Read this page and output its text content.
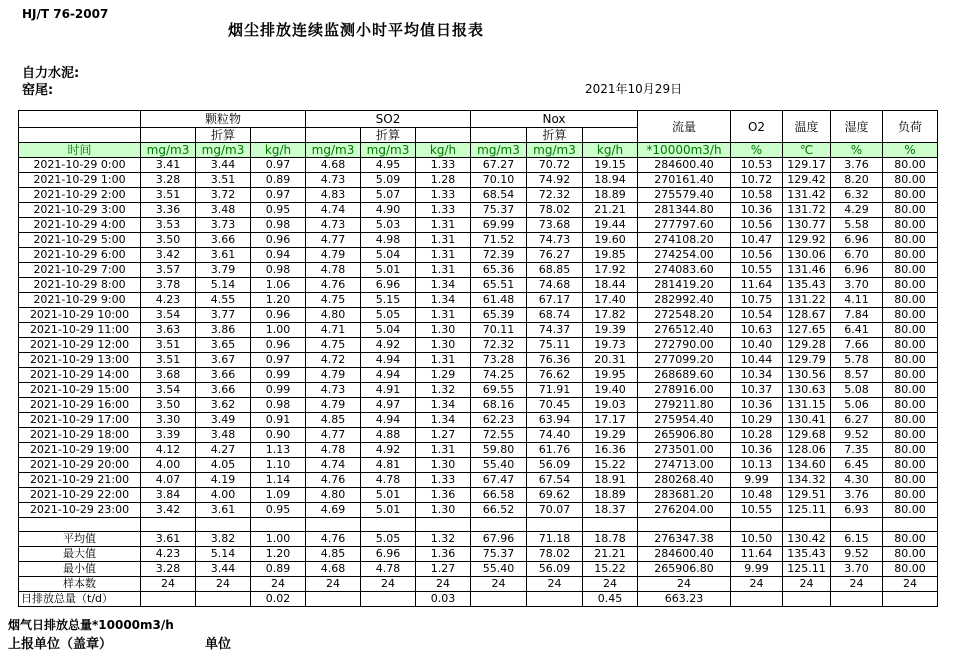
HJ/T 76-2007
烟尘排放连续监测小时平均值日报表
自力水泥:
窑尾:	2021年10月29日
	颗粒物			SO2			Nox			流量	O2	温度	湿度	负荷
		折算			折算			折算						
时间	mg/m3	mg/m3	kg/h	mg/m3	mg/m3	kg/h	mg/m3	mg/m3	kg/h	*10000m3/h	%	℃	%	%
2021-10-29 0:00	3.41	3.44	0.97	4.68	4.95	1.33	67.27	70.72	19.15	284600.40	10.53	129.17	3.76	80.00
2021-10-29 1:00	3.28	3.51	0.89	4.73	5.09	1.28	70.10	74.92	18.94	270161.40	10.72	129.42	8.20	80.00
2021-10-29 2:00	3.51	3.72	0.97	4.83	5.07	1.33	68.54	72.32	18.89	275579.40	10.58	131.42	6.32	80.00
2021-10-29 3:00	3.36	3.48	0.95	4.74	4.90	1.33	75.37	78.02	21.21	281344.80	10.36	131.72	4.29	80.00
2021-10-29 4:00	3.53	3.73	0.98	4.73	5.03	1.31	69.99	73.68	19.44	277797.60	10.56	130.77	5.58	80.00
2021-10-29 5:00	3.50	3.66	0.96	4.77	4.98	1.31	71.52	74.73	19.60	274108.20	10.47	129.92	6.96	80.00
2021-10-29 6:00	3.42	3.61	0.94	4.79	5.04	1.31	72.39	76.27	19.85	274254.00	10.56	130.06	6.70	80.00
2021-10-29 7:00	3.57	3.79	0.98	4.78	5.01	1.31	65.36	68.85	17.92	274083.60	10.55	131.46	6.96	80.00
2021-10-29 8:00	3.78	5.14	1.06	4.76	6.96	1.34	65.51	74.68	18.44	281419.20	11.64	135.43	3.70	80.00
2021-10-29 9:00	4.23	4.55	1.20	4.75	5.15	1.34	61.48	67.17	17.40	282992.40	10.75	131.22	4.11	80.00
2021-10-29 10:00	3.54	3.77	0.96	4.80	5.05	1.31	65.39	68.74	17.82	272548.20	10.54	128.67	7.84	80.00
2021-10-29 11:00	3.63	3.86	1.00	4.71	5.04	1.30	70.11	74.37	19.39	276512.40	10.63	127.65	6.41	80.00
2021-10-29 12:00	3.51	3.65	0.96	4.75	4.92	1.30	72.32	75.11	19.73	272790.00	10.40	129.28	7.66	80.00
2021-10-29 13:00	3.51	3.67	0.97	4.72	4.94	1.31	73.28	76.36	20.31	277099.20	10.44	129.79	5.78	80.00
2021-10-29 14:00	3.68	3.66	0.99	4.79	4.94	1.29	74.25	76.62	19.95	268689.60	10.34	130.56	8.57	80.00
2021-10-29 15:00	3.54	3.66	0.99	4.73	4.91	1.32	69.55	71.91	19.40	278916.00	10.37	130.63	5.08	80.00
2021-10-29 16:00	3.50	3.62	0.98	4.79	4.97	1.34	68.16	70.45	19.03	279211.80	10.36	131.15	5.06	80.00
2021-10-29 17:00	3.30	3.49	0.91	4.85	4.94	1.34	62.23	63.94	17.17	275954.40	10.29	130.41	6.27	80.00
2021-10-29 18:00	3.39	3.48	0.90	4.77	4.88	1.27	72.55	74.40	19.29	265906.80	10.28	129.68	9.52	80.00
2021-10-29 19:00	4.12	4.27	1.13	4.78	4.92	1.31	59.80	61.76	16.36	273501.00	10.36	128.06	7.35	80.00
2021-10-29 20:00	4.00	4.05	1.10	4.74	4.81	1.30	55.40	56.09	15.22	274713.00	10.13	134.60	6.45	80.00
2021-10-29 21:00	4.07	4.19	1.14	4.76	4.78	1.33	67.47	67.54	18.91	280268.40	9.99	134.32	4.30	80.00
2021-10-29 22:00	3.84	4.00	1.09	4.80	5.01	1.36	66.58	69.62	18.89	283681.20	10.48	129.51	3.76	80.00
2021-10-29 23:00	3.42	3.61	0.95	4.69	5.01	1.30	66.52	70.07	18.37	276204.00	10.55	125.11	6.93	80.00

平均值	3.61	3.82	1.00	4.76	5.05	1.32	67.96	71.18	18.78	276347.38	10.50	130.42	6.15	80.00
最大值	4.23	5.14	1.20	4.85	6.96	1.36	75.37	78.02	21.21	284600.40	11.64	135.43	9.52	80.00
最小值	3.28	3.44	0.89	4.68	4.78	1.27	55.40	56.09	15.22	265906.80	9.99	125.11	3.70	80.00
样本数	24	24	24	24	24	24	24	24	24	24	24	24	24	24
日排放总量（t/d）			0.02			0.03			0.45	663.23				
烟气日排放总量*10000m3/h
上报单位（盖章）	单位
